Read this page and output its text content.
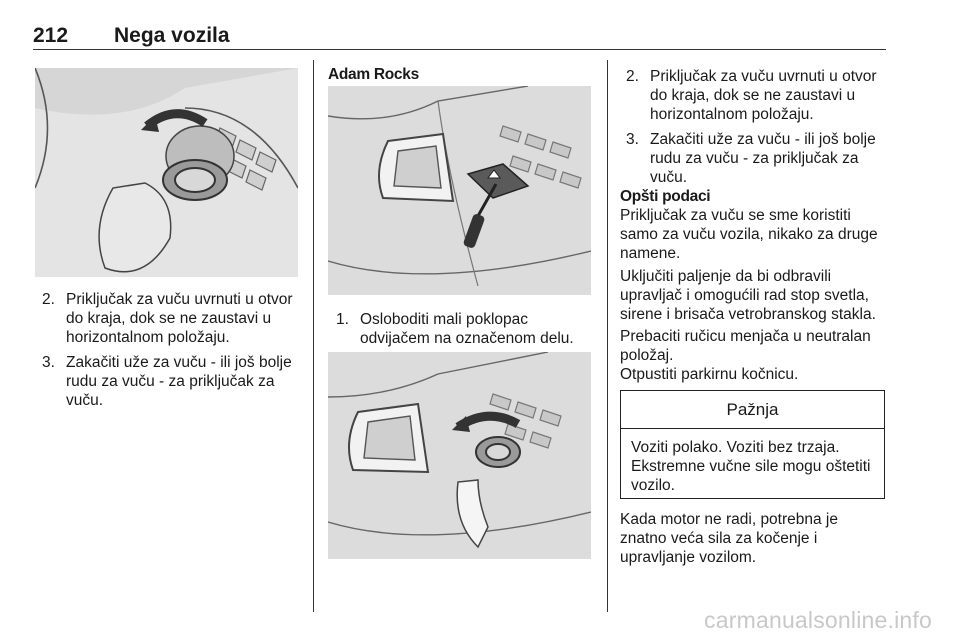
212 Nega vozila
2. Priključak za vuču uvrnuti u otvor do kraja, dok se ne zaustavi u horizontalnom položaju.
3. Zakačiti uže za vuču - ili još bolje rudu za vuču - za priključak za vuču.
Adam Rocks
1. Osloboditi mali poklopac odvijačem na označenom delu.
2. Priključak za vuču uvrnuti u otvor do kraja, dok se ne zaustavi u horizontalnom položaju.
3. Zakačiti uže za vuču - ili još bolje rudu za vuču - za priključak za vuču.
Opšti podaci

Priključak za vuču se sme koristiti samo za vuču vozila, nikako za druge namene.

Uključiti paljenje da bi odbravili upravljač i omogućili rad stop svetla, sirene i brisača vetrobranskog stakla.

Prebaciti ručicu menjača u neutralan položaj.

Otpustiti parkirnu kočnicu.

Pažnja
Voziti polako. Voziti bez trzaja. Ekstremne vučne sile mogu oštetiti vozilo.

Kada motor ne radi, potrebna je znatno veća sila za kočenje i upravljanje vozilom.

carmanualsonline.info
